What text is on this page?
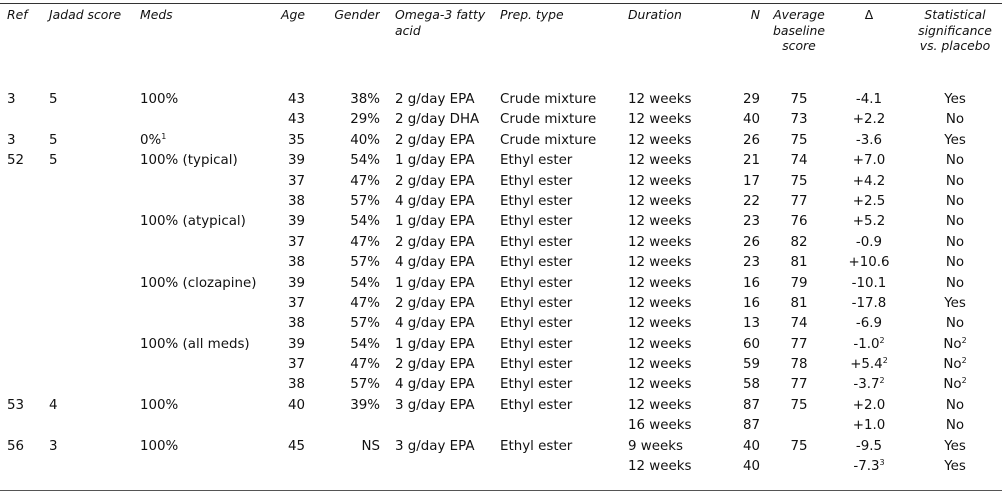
Ref	Jadad score	Meds	Age	Gender	Omega-3 fatty acid	Prep. type	Duration	N	Average baseline score	Δ	Statistical significance vs. placebo
3	5	100%	43	38%	2 g/day EPA	Crude mixture	12 weeks	29	75	-4.1	Yes
			43	29%	2 g/day DHA	Crude mixture	12 weeks	40	73	+2.2	No
3	5	0%$^1$	35	40%	2 g/day EPA	Crude mixture	12 weeks	26	75	-3.6	Yes
52	5	100% (typical)	39	54%	1 g/day EPA	Ethyl ester	12 weeks	21	74	+7.0	No
			37	47%	2 g/day EPA	Ethyl ester	12 weeks	17	75	+4.2	No
			38	57%	4 g/day EPA	Ethyl ester	12 weeks	22	77	+2.5	No
		100% (atypical)	39	54%	1 g/day EPA	Ethyl ester	12 weeks	23	76	+5.2	No
			37	47%	2 g/day EPA	Ethyl ester	12 weeks	26	82	-0.9	No
			38	57%	4 g/day EPA	Ethyl ester	12 weeks	23	81	+10.6	No
		100% (clozapine)	39	54%	1 g/day EPA	Ethyl ester	12 weeks	16	79	-10.1	No
			37	47%	2 g/day EPA	Ethyl ester	12 weeks	16	81	-17.8	Yes
			38	57%	4 g/day EPA	Ethyl ester	12 weeks	13	74	-6.9	No
		100% (all meds)	39	54%	1 g/day EPA	Ethyl ester	12 weeks	60	77	$-1.0^2$	No$^2$
			37	47%	2 g/day EPA	Ethyl ester	12 weeks	59	78	$+5.4^2$	No$^2$
			38	57%	4 g/day EPA	Ethyl ester	12 weeks	58	77	$-3.7^2$	No$^2$
53	4	100%	40	39%	3 g/day EPA	Ethyl ester	12 weeks	87	75	+2.0	No
							16 weeks	87		+1.0	No
56	3	100%	45	NS	3 g/day EPA	Ethyl ester	9 weeks	40	75	-9.5	Yes
							12 weeks	40		$-7.3^3$	Yes
